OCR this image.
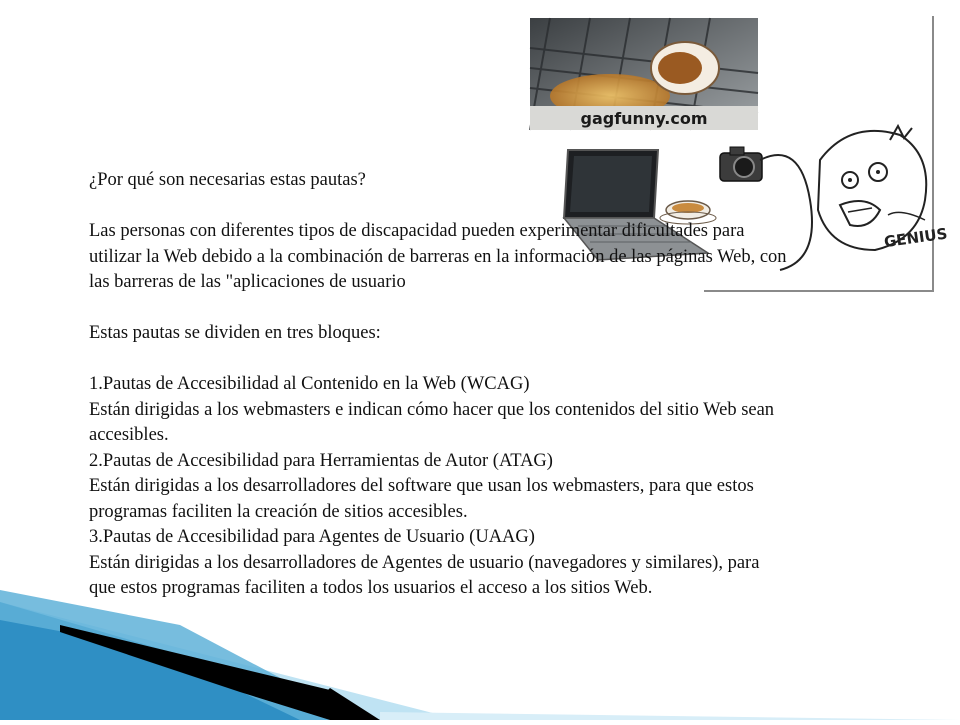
gagfunny.com
GENIUS

¿Por qué son necesarias estas pautas?

Las personas con diferentes tipos de discapacidad pueden experimentar dificultades para utilizar la Web debido a la combinación de barreras en la información de las páginas Web, con las barreras de las "aplicaciones de usuario

Estas pautas se dividen en tres bloques:

1.Pautas de Accesibilidad al Contenido en la Web (WCAG)

Están dirigidas a los webmasters e indican cómo hacer que los contenidos del sitio Web sean accesibles.

2.Pautas de Accesibilidad para Herramientas de Autor (ATAG)

Están dirigidas a los desarrolladores del software que usan los webmasters, para que estos programas faciliten la creación de sitios accesibles.

3.Pautas de Accesibilidad para Agentes de Usuario (UAAG)

Están dirigidas a los desarrolladores de Agentes de usuario (navegadores y similares), para que estos programas faciliten a todos los usuarios el acceso a los sitios Web.
